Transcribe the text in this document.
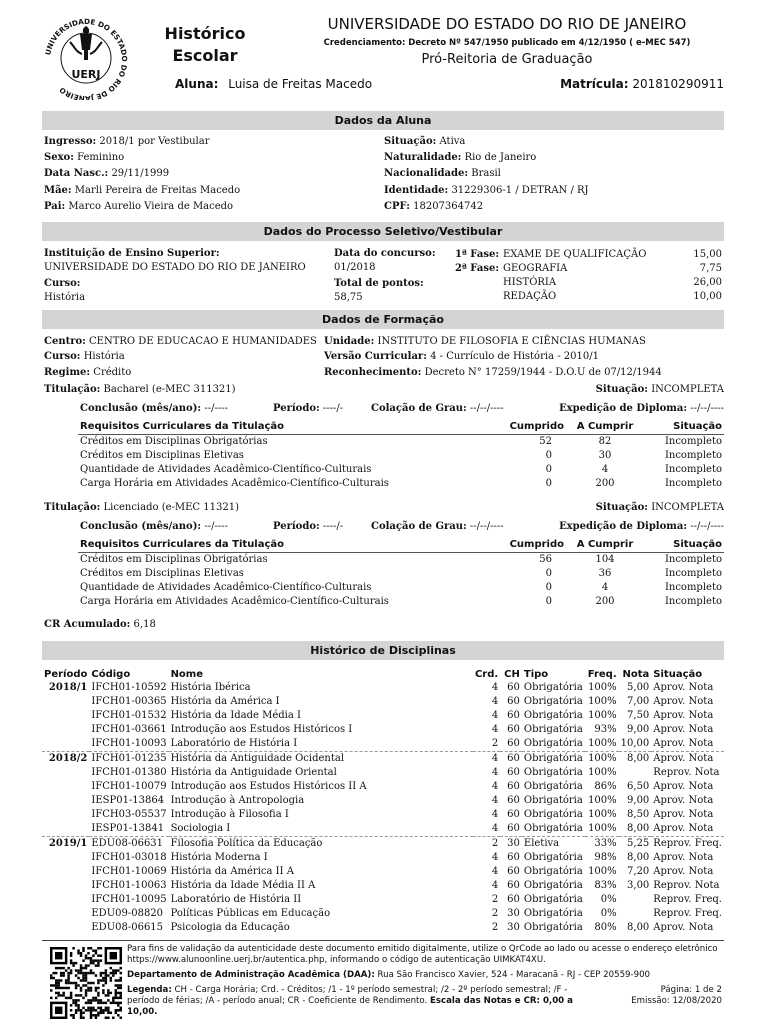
UNIVERSIDADE DO ESTADO DO RIO DE JANEIRO
UERJ
Histórico
Escolar
UNIVERSIDADE DO ESTADO DO RIO DE JANEIRO
Credenciamento: Decreto Nº 547/1950 publicado em 4/12/1950 ( e-MEC 547)
Pró-Reitoria de Graduação
Aluna: Luisa de Freitas Macedo	Matrícula: 201810290911
Dados da Aluna
Ingresso: 2018/1 por Vestibular
Sexo: Feminino
Data Nasc.: 29/11/1999
Mãe: Marli Pereira de Freitas Macedo
Pai: Marco Aurelio Vieira de Macedo
Situação: Ativa
Naturalidade: Rio de Janeiro
Nacionalidade: Brasil
Identidade: 31229306-1 / DETRAN / RJ
CPF: 18207364742
Dados do Processo Seletivo/Vestibular
Instituição de Ensino Superior:
UNIVERSIDADE DO ESTADO DO RIO DE JANEIRO
Curso:
História
Data do concurso:
01/2018
Total de pontos:
58,75
1ª Fase:
2ª Fase:
EXAME DE QUALIFICAÇÃO	15,00
GEOGRAFIA	7,75
HISTÓRIA	26,00
REDAÇÃO	10,00
Dados de Formação
Centro: CENTRO DE EDUCACAO E HUMANIDADES
Curso: História
Regime: Crédito
Unidade: INSTITUTO DE FILOSOFIA E CIÊNCIAS HUMANAS
Versão Curricular: 4 - Currículo de História - 2010/1
Reconhecimento: Decreto N° 17259/1944 - D.O.U de 07/12/1944
Titulação: Bacharel (e-MEC 311321)	Situação: INCOMPLETA
Conclusão (mês/ano): --/----	Período: ----/-	Colação de Grau: --/--/----	Expedição de Diploma: --/--/----
Requisitos Curriculares da Titulação	Cumprido	A Cumprir	Situação
Créditos em Disciplinas Obrigatórias	52	82	Incompleto
Créditos em Disciplinas Eletivas	0	30	Incompleto
Quantidade de Atividades Acadêmico-Científico-Culturais	0	4	Incompleto
Carga Horária em Atividades Acadêmico-Científico-Culturais	0	200	Incompleto
Titulação: Licenciado (e-MEC 11321)	Situação: INCOMPLETA
Conclusão (mês/ano): --/----	Período: ----/-	Colação de Grau: --/--/----	Expedição de Diploma: --/--/----
Requisitos Curriculares da Titulação	Cumprido	A Cumprir	Situação
Créditos em Disciplinas Obrigatórias	56	104	Incompleto
Créditos em Disciplinas Eletivas	0	36	Incompleto
Quantidade de Atividades Acadêmico-Científico-Culturais	0	4	Incompleto
Carga Horária em Atividades Acadêmico-Científico-Culturais	0	200	Incompleto
CR Acumulado: 6,18
Histórico de Disciplinas
Período	Código	Nome	Crd.	CH	Tipo	Freq.	Nota	Situação
2018/1	IFCH01-10592	História Ibérica	4	60	Obrigatória	100%	5,00	Aprov. Nota
	IFCH01-00365	História da América I	4	60	Obrigatória	100%	7,00	Aprov. Nota
	IFCH01-01532	História da Idade Média I	4	60	Obrigatória	100%	7,50	Aprov. Nota
	IFCH01-03661	Introdução aos Estudos Históricos I	4	60	Obrigatória	93%	9,00	Aprov. Nota
	IFCH01-10093	Laboratório de História I	2	60	Obrigatória	100%	10,00	Aprov. Nota
2018/2	IFCH01-01235	História da Antiguidade Ocidental	4	60	Obrigatória	100%	8,00	Aprov. Nota
	IFCH01-01380	História da Antiguidade Oriental	4	60	Obrigatória	100%		Reprov. Nota
	IFCH01-10079	Introdução aos Estudos Históricos II A	4	60	Obrigatória	86%	6,50	Aprov. Nota
	IESP01-13864	Introdução à Antropologia	4	60	Obrigatória	100%	9,00	Aprov. Nota
	IFCH03-05537	Introdução à Filosofia I	4	60	Obrigatória	100%	8,50	Aprov. Nota
	IESP01-13841	Sociologia I	4	60	Obrigatória	100%	8,00	Aprov. Nota
2019/1	EDU08-06631	Filosofia Política da Educação	2	30	Eletiva	33%	5,25	Reprov. Freq.
	IFCH01-03018	História Moderna I	4	60	Obrigatória	98%	8,00	Aprov. Nota
	IFCH01-10069	História da América II A	4	60	Obrigatória	100%	7,20	Aprov. Nota
	IFCH01-10063	História da Idade Média II A	4	60	Obrigatória	83%	3,00	Reprov. Nota
	IFCH01-10095	Laboratório de História II	2	60	Obrigatória	0%		Reprov. Freq.
	EDU09-08820	Políticas Públicas em Educação	2	30	Obrigatória	0%		Reprov. Freq.
	EDU08-06615	Psicologia da Educação	2	30	Obrigatória	80%	8,00	Aprov. Nota
Para fins de validação da autenticidade deste documento emitido digitalmente, utilize o QrCode ao lado ou acesse o endereço eletrônico https://www.alunoonline.uerj.br/autentica.php, informando o código de autenticação UIMKAT4XU.
Departamento de Administração Acadêmica (DAA): Rua São Francisco Xavier, 524 - Maracanã - RJ - CEP 20559-900
Legenda: CH - Carga Horária; Crd. - Créditos; /1 - 1º período semestral; /2 - 2º período semestral; /F - período de férias; /A - período anual; CR - Coeficiente de Rendimento. Escala das Notas e CR: 0,00 a 10,00.
Página: 1 de 2
Emissão: 12/08/2020
